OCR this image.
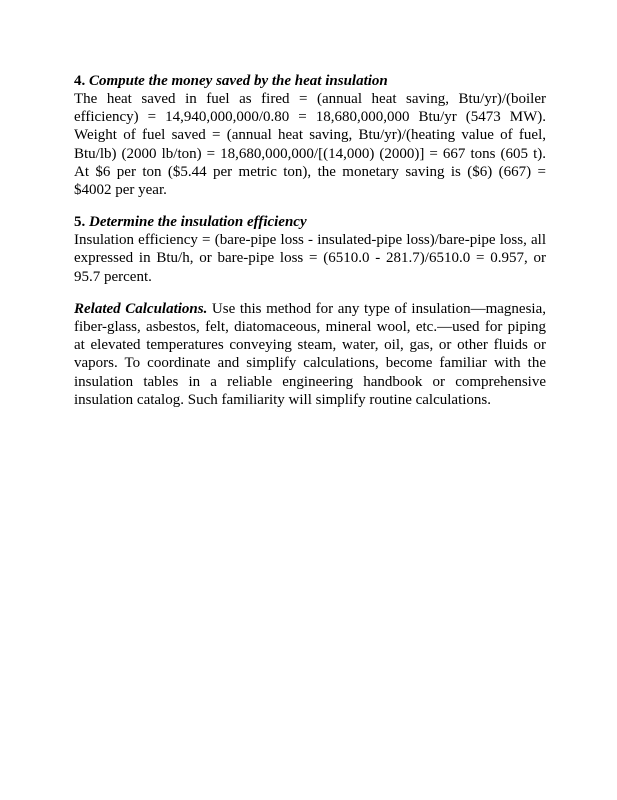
4. Compute the money saved by the heat insulation

The heat saved in fuel as fired = (annual heat saving, Btu/yr)/(boiler efficiency) = 14,940,000,000/0.80 = 18,680,000,000 Btu/yr (5473 MW). Weight of fuel saved = (annual heat saving, Btu/yr)/(heating value of fuel, Btu/lb) (2000 lb/ton) = 18,680,000,000/[(14,000) (2000)] = 667 tons (605 t). At $6 per ton ($5.44 per metric ton), the monetary saving is ($6) (667) = $4002 per year.

5. Determine the insulation efficiency

Insulation efficiency = (bare-pipe loss - insulated-pipe loss)/bare-pipe loss, all expressed in Btu/h, or bare-pipe loss = (6510.0 - 281.7)/6510.0 = 0.957, or 95.7 percent.

Related Calculations. Use this method for any type of insulation—magnesia, fiber-glass, asbestos, felt, diatomaceous, mineral wool, etc.—used for piping at elevated temperatures conveying steam, water, oil, gas, or other fluids or vapors. To coordinate and simplify calculations, become familiar with the insulation tables in a reliable engineering handbook or comprehensive insulation catalog. Such familiarity will simplify routine calculations.
